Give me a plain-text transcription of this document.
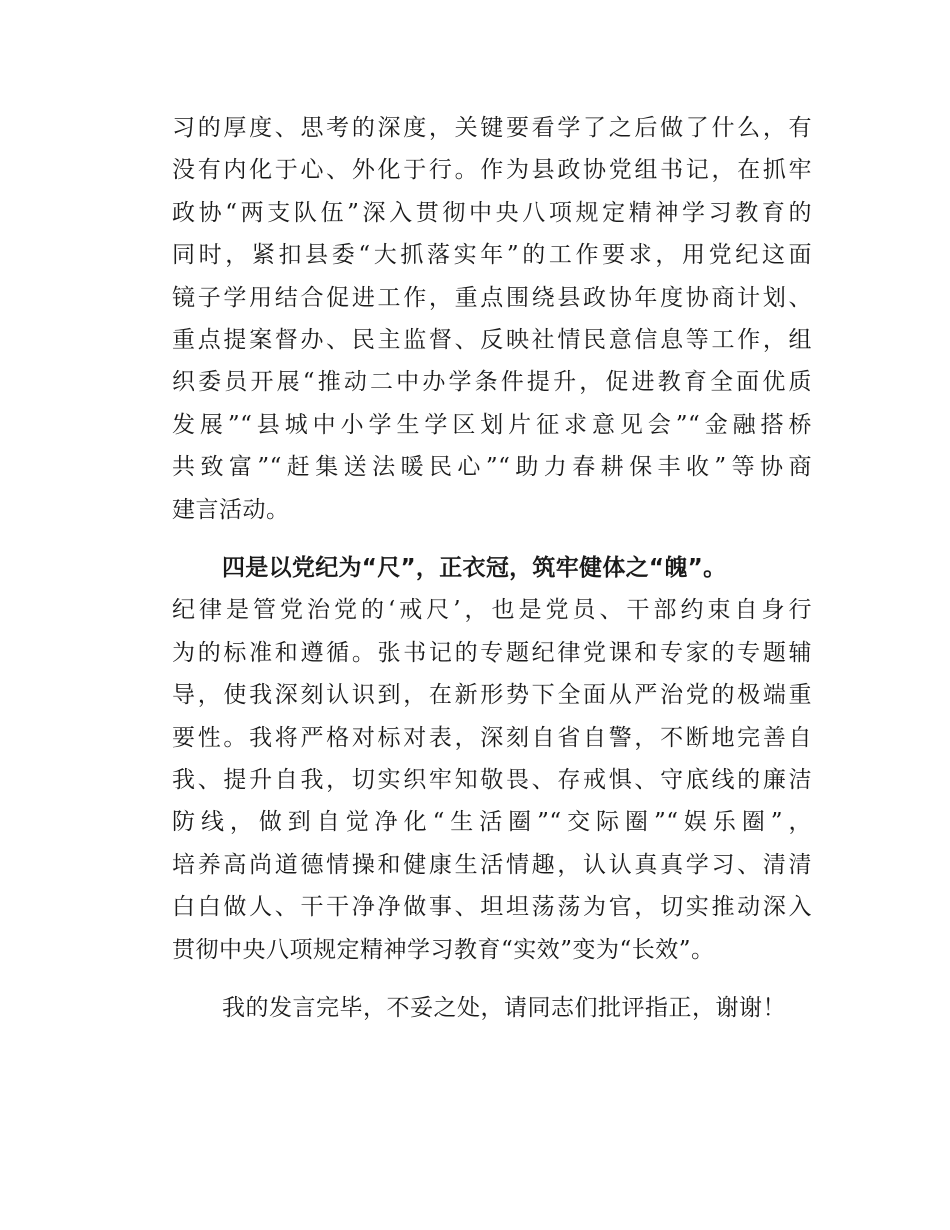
习的厚度、思考的深度，关键要看学了之后做了什么，有
没有内化于心、外化于行。作为县政协党组书记，在抓牢
政协“两支队伍”深入贯彻中央八项规定精神学习教育的
同时，紧扣县委“大抓落实年”的工作要求，用党纪这面
镜子学用结合促进工作，重点围绕县政协年度协商计划、
重点提案督办、民主监督、反映社情民意信息等工作，组
织委员开展“推动二中办学条件提升，促进教育全面优质
发展”“县城中小学生学区划片征求意见会”“金融搭桥
共致富”“赶集送法暖民心”“助力春耕保丰收”等协商
建言活动。
四是以党纪为“尺”，正衣冠，筑牢健体之“魄”。
纪律是管党治党的‘戒尺’，也是党员、干部约束自身行
为的标准和遵循。张书记的专题纪律党课和专家的专题辅
导，使我深刻认识到，在新形势下全面从严治党的极端重
要性。我将严格对标对表，深刻自省自警，不断地完善自
我、提升自我，切实织牢知敬畏、存戒惧、守底线的廉洁
防线，做到自觉净化“生活圈”“交际圈”“娱乐圈”，
培养高尚道德情操和健康生活情趣，认认真真学习、清清
白白做人、干干净净做事、坦坦荡荡为官，切实推动深入
贯彻中央八项规定精神学习教育“实效”变为“长效”。
我的发言完毕，不妥之处，请同志们批评指正，谢谢！
